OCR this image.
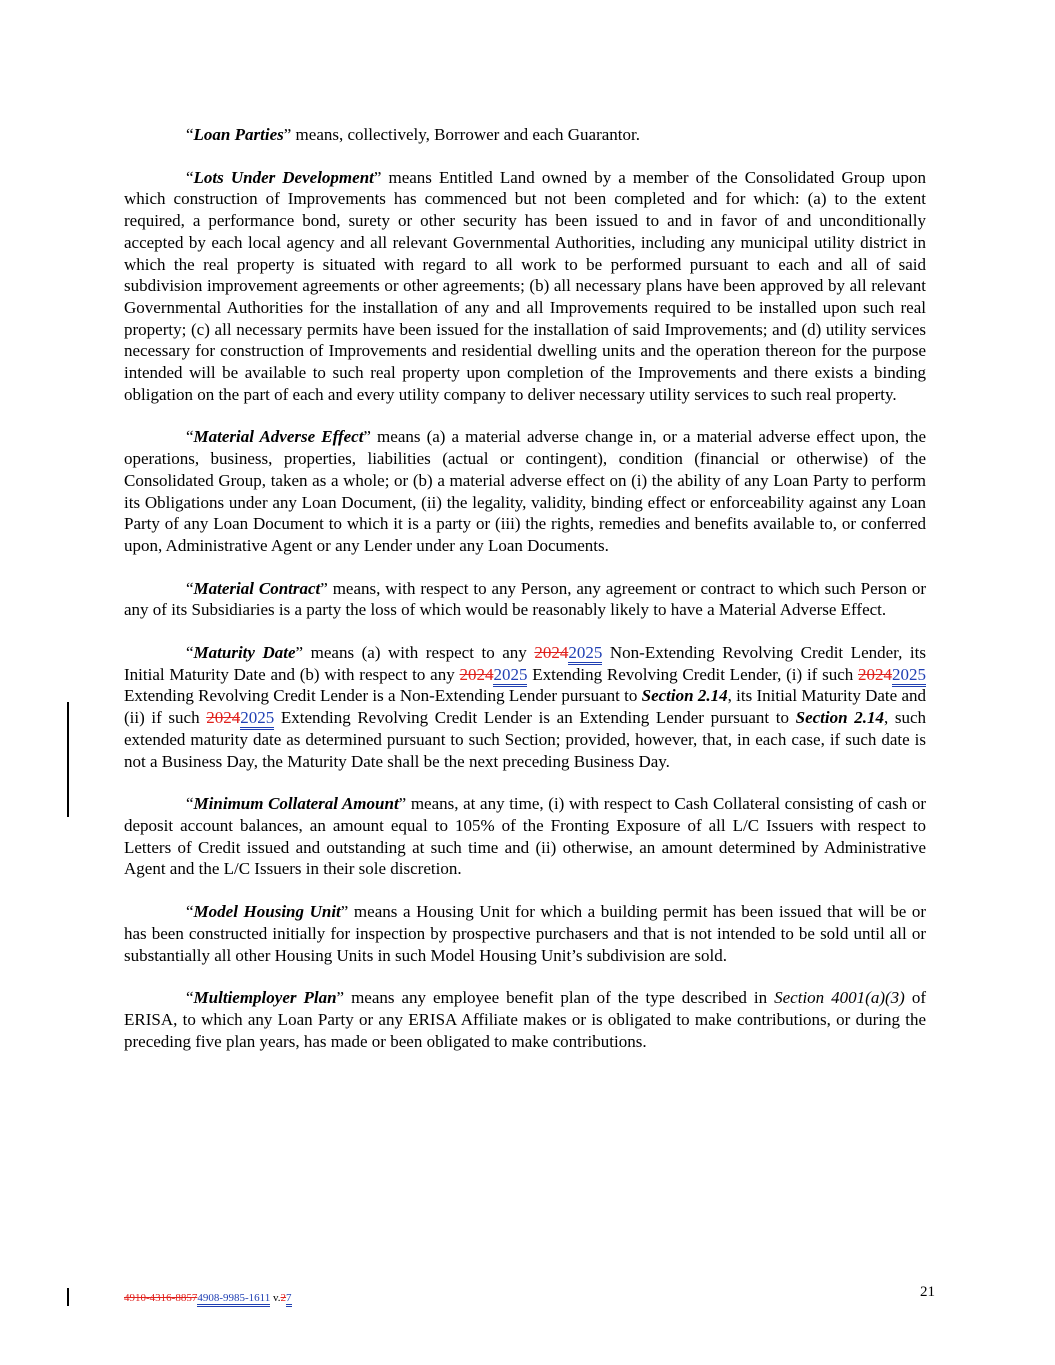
“Loan Parties” means, collectively, Borrower and each Guarantor.

“Lots Under Development” means Entitled Land owned by a member of the Consolidated Group upon which construction of Improvements has commenced but not been completed and for which: (a) to the extent required, a performance bond, surety or other security has been issued to and in favor of and unconditionally accepted by each local agency and all relevant Governmental Authorities, including any municipal utility district in which the real property is situated with regard to all work to be performed pursuant to each and all of said subdivision improvement agreements or other agreements; (b) all necessary plans have been approved by all relevant Governmental Authorities for the installation of any and all Improvements required to be installed upon such real property; (c) all necessary permits have been issued for the installation of said Improvements; and (d) utility services necessary for construction of Improvements and residential dwelling units and the operation thereon for the purpose intended will be available to such real property upon completion of the Improvements and there exists a binding obligation on the part of each and every utility company to deliver necessary utility services to such real property.

“Material Adverse Effect” means (a) a material adverse change in, or a material adverse effect upon, the operations, business, properties, liabilities (actual or contingent), condition (financial or otherwise) of the Consolidated Group, taken as a whole; or (b) a material adverse effect on (i) the ability of any Loan Party to perform its Obligations under any Loan Document, (ii) the legality, validity, binding effect or enforceability against any Loan Party of any Loan Document to which it is a party or (iii) the rights, remedies and benefits available to, or conferred upon, Administrative Agent or any Lender under any Loan Documents.

“Material Contract” means, with respect to any Person, any agreement or contract to which such Person or any of its Subsidiaries is a party the loss of which would be reasonably likely to have a Material Adverse Effect.

“Maturity Date” means (a) with respect to any 20242025 Non-Extending Revolving Credit Lender, its Initial Maturity Date and (b) with respect to any 20242025 Extending Revolving Credit Lender, (i) if such 20242025 Extending Revolving Credit Lender is a Non-Extending Lender pursuant to Section 2.14, its Initial Maturity Date and (ii) if such 20242025 Extending Revolving Credit Lender is an Extending Lender pursuant to Section 2.14, such extended maturity date as determined pursuant to such Section; provided, however, that, in each case, if such date is not a Business Day, the Maturity Date shall be the next preceding Business Day.

“Minimum Collateral Amount” means, at any time, (i) with respect to Cash Collateral consisting of cash or deposit account balances, an amount equal to 105% of the Fronting Exposure of all L/C Issuers with respect to Letters of Credit issued and outstanding at such time and (ii) otherwise, an amount determined by Administrative Agent and the L/C Issuers in their sole discretion.

“Model Housing Unit” means a Housing Unit for which a building permit has been issued that will be or has been constructed initially for inspection by prospective purchasers and that is not intended to be sold until all or substantially all other Housing Units in such Model Housing Unit’s subdivision are sold.

“Multiemployer Plan” means any employee benefit plan of the type described in Section 4001(a)(3) of ERISA, to which any Loan Party or any ERISA Affiliate makes or is obligated to make contributions, or during the preceding five plan years, has made or been obligated to make contributions.

4910-4316-88574908-9985-1611 v.27	21
